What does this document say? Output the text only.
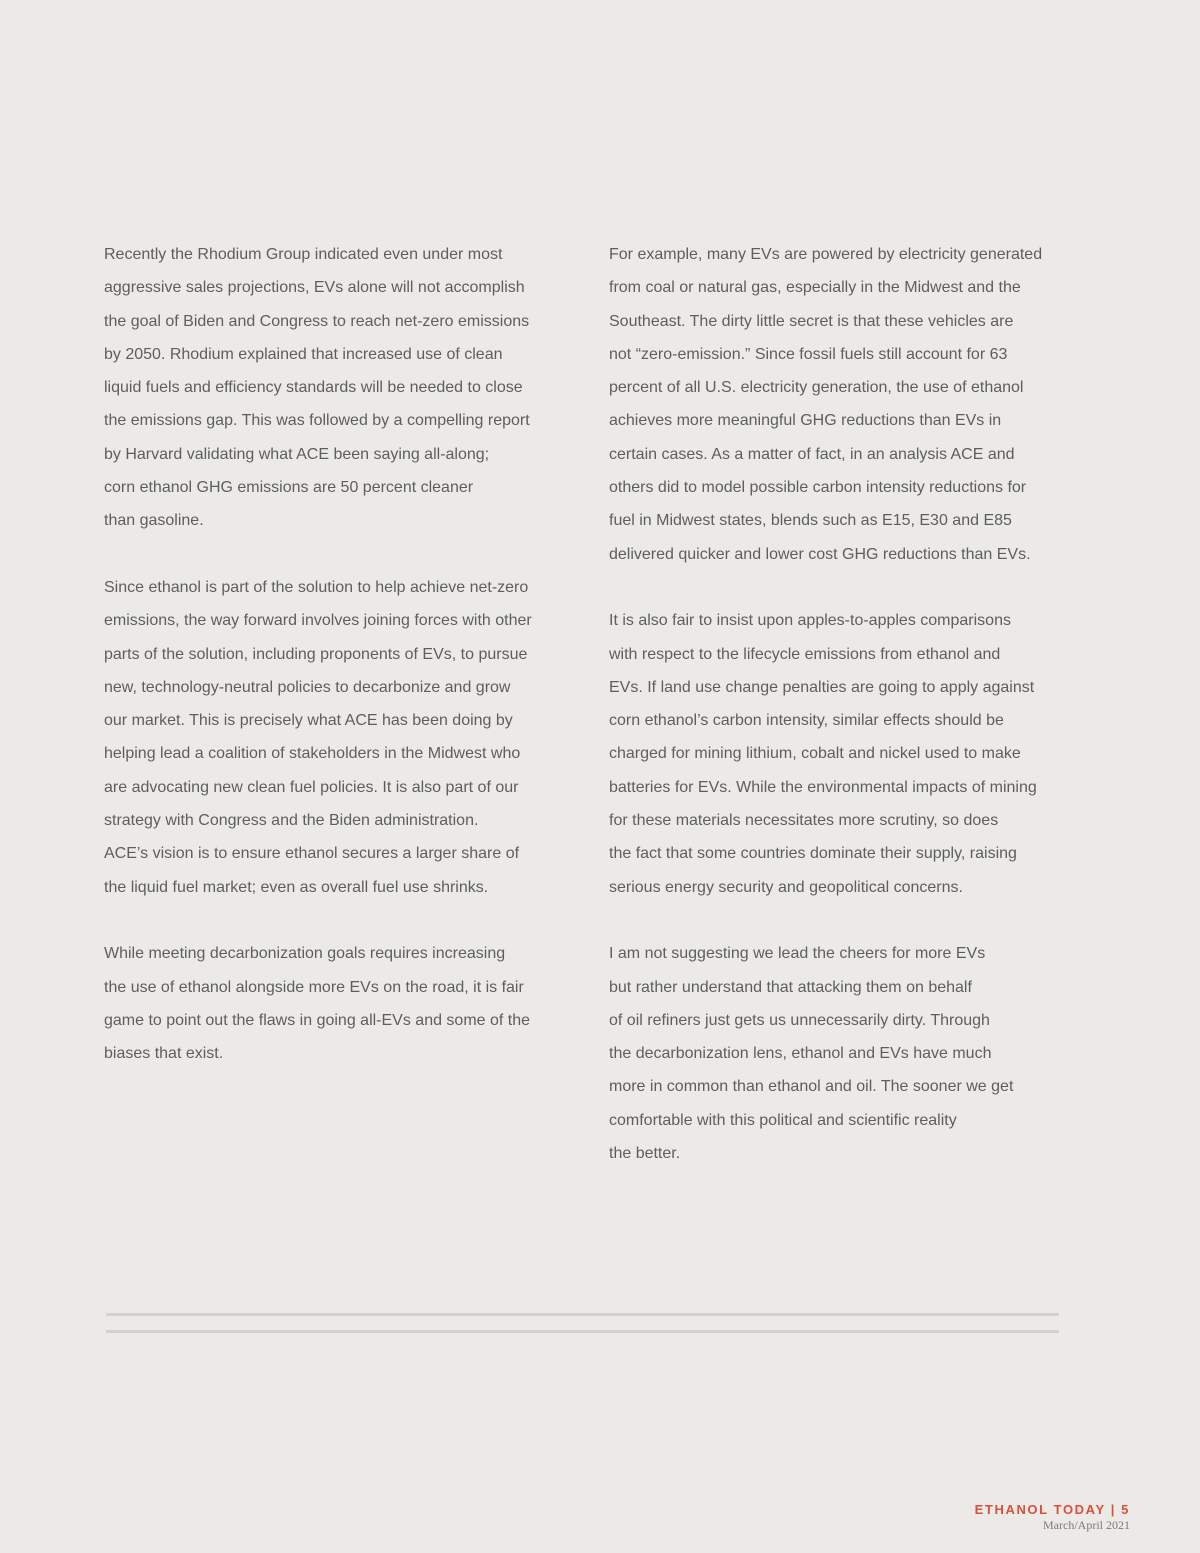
Recently the Rhodium Group indicated even under most
aggressive sales projections, EVs alone will not accomplish
the goal of Biden and Congress to reach net-zero emissions
by 2050. Rhodium explained that increased use of clean
liquid fuels and efficiency standards will be needed to close
the emissions gap. This was followed by a compelling report
by Harvard validating what ACE been saying all-along;
corn ethanol GHG emissions are 50 percent cleaner
than gasoline.

Since ethanol is part of the solution to help achieve net-zero
emissions, the way forward involves joining forces with other
parts of the solution, including proponents of EVs, to pursue
new, technology-neutral policies to decarbonize and grow
our market. This is precisely what ACE has been doing by
helping lead a coalition of stakeholders in the Midwest who
are advocating new clean fuel policies. It is also part of our
strategy with Congress and the Biden administration.
ACE’s vision is to ensure ethanol secures a larger share of
the liquid fuel market; even as overall fuel use shrinks.

While meeting decarbonization goals requires increasing
the use of ethanol alongside more EVs on the road, it is fair
game to point out the flaws in going all-EVs and some of the
biases that exist.

For example, many EVs are powered by electricity generated
from coal or natural gas, especially in the Midwest and the
Southeast. The dirty little secret is that these vehicles are
not “zero-emission.” Since fossil fuels still account for 63
percent of all U.S. electricity generation, the use of ethanol
achieves more meaningful GHG reductions than EVs in
certain cases. As a matter of fact, in an analysis ACE and
others did to model possible carbon intensity reductions for
fuel in Midwest states, blends such as E15, E30 and E85
delivered quicker and lower cost GHG reductions than EVs.

It is also fair to insist upon apples-to-apples comparisons
with respect to the lifecycle emissions from ethanol and
EVs. If land use change penalties are going to apply against
corn ethanol’s carbon intensity, similar effects should be
charged for mining lithium, cobalt and nickel used to make
batteries for EVs. While the environmental impacts of mining
for these materials necessitates more scrutiny, so does
the fact that some countries dominate their supply, raising
serious energy security and geopolitical concerns.

I am not suggesting we lead the cheers for more EVs
but rather understand that attacking them on behalf
of oil refiners just gets us unnecessarily dirty. Through
the decarbonization lens, ethanol and EVs have much
more in common than ethanol and oil. The sooner we get
comfortable with this political and scientific reality
the better.

ETHANOL TODAY | 5
March/April 2021
